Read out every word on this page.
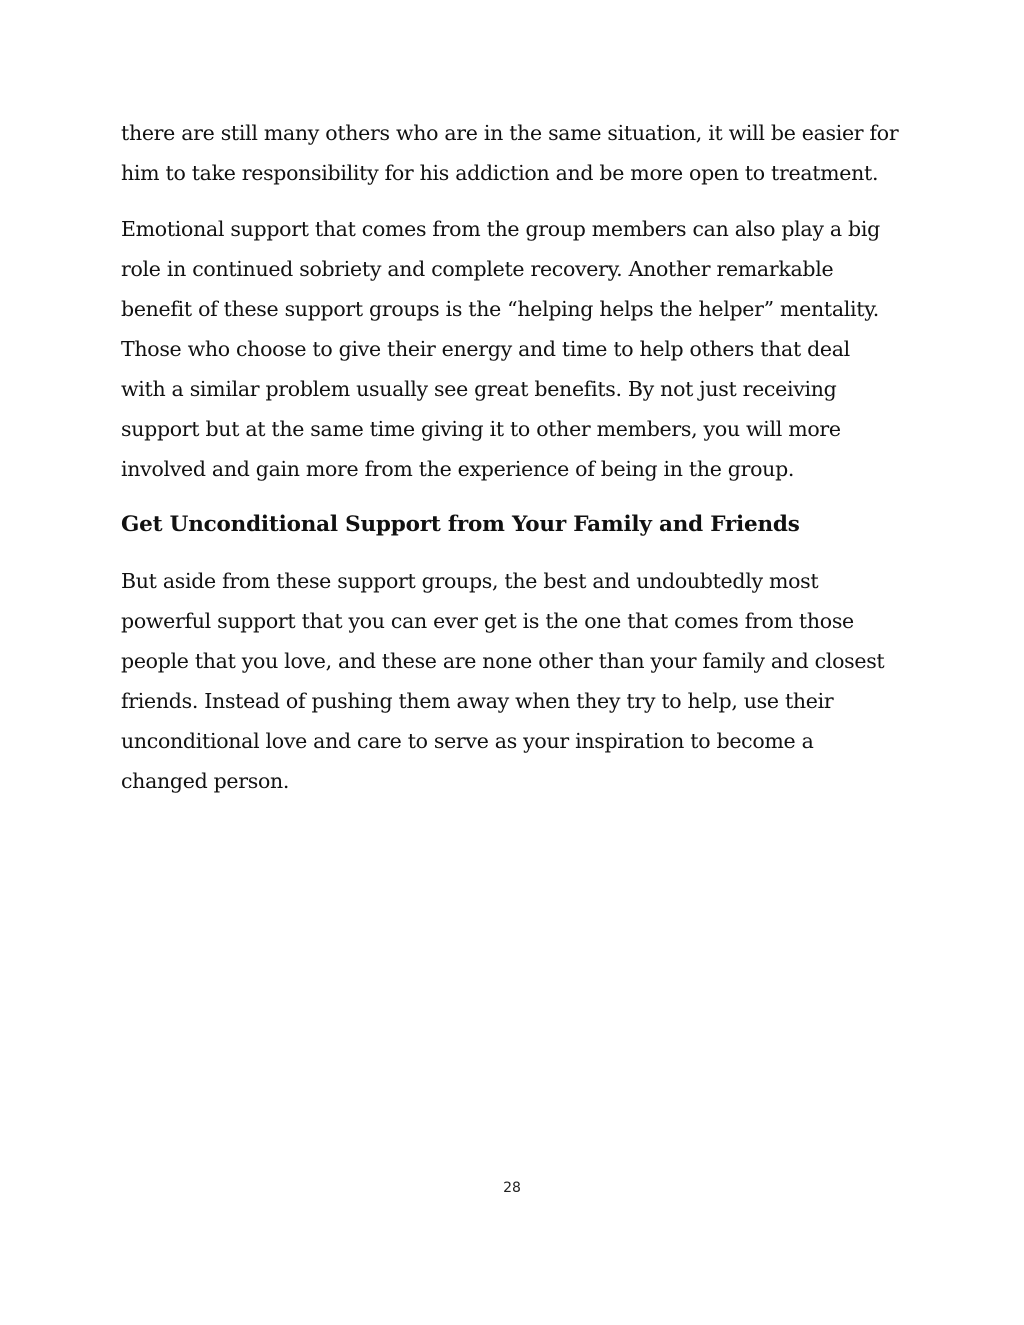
there are still many others who are in the same situation, it will be easier for
him to take responsibility for his addiction and be more open to treatment.

Emotional support that comes from the group members can also play a big
role in continued sobriety and complete recovery. Another remarkable
benefit of these support groups is the “helping helps the helper” mentality.
Those who choose to give their energy and time to help others that deal
with a similar problem usually see great benefits. By not just receiving
support but at the same time giving it to other members, you will more
involved and gain more from the experience of being in the group.

Get Unconditional Support from Your Family and Friends

But aside from these support groups, the best and undoubtedly most
powerful support that you can ever get is the one that comes from those
people that you love, and these are none other than your family and closest
friends. Instead of pushing them away when they try to help, use their
unconditional love and care to serve as your inspiration to become a
changed person.

28
